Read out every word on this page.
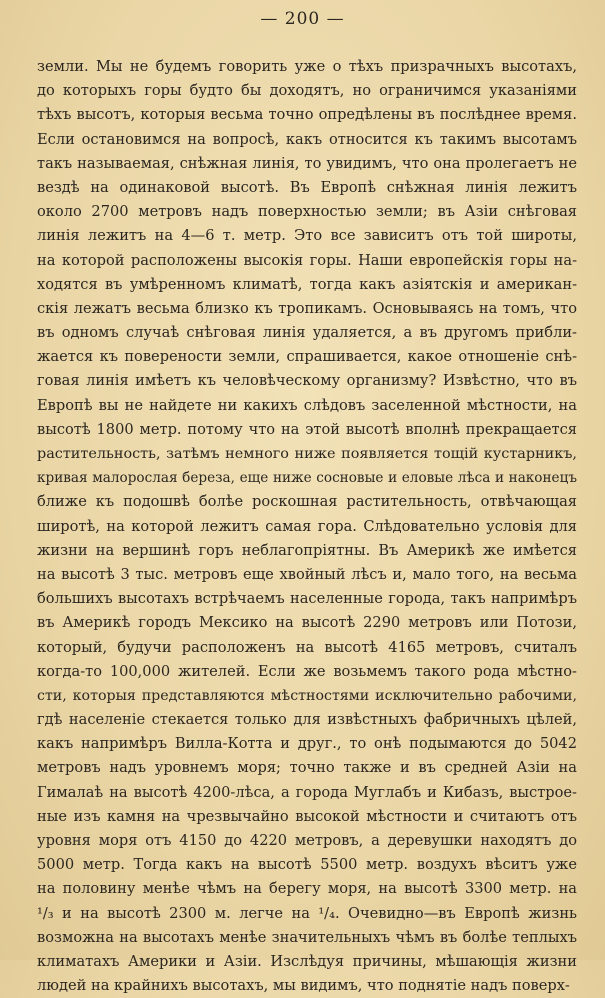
— 200 —
земли. Мы не будемъ говорить уже о тѣхъ призрачныхъ высотахъ,
до которыхъ горы будто бы доходятъ, но ограничимся указаніями
тѣхъ высотъ, которыя весьма точно опредѣлены въ послѣднее время.
Если остановимся на вопросѣ, какъ относится къ такимъ высотамъ
такъ называемая, снѣжная линія, то увидимъ, что она пролегаетъ не
вездѣ на одинаковой высотѣ. Въ Европѣ снѣжная линія лежитъ
около 2700 метровъ надъ поверхностью земли; въ Азіи снѣговая
линія лежитъ на 4—6 т. метр. Это все зависитъ отъ той широты,
на которой расположены высокія горы. Наши европейскія горы на-
ходятся въ умѣренномъ климатѣ, тогда какъ азіятскія и американ-
скія лежатъ весьма близко къ тропикамъ. Основываясь на томъ, что
въ одномъ случаѣ снѣговая линія удаляется, а въ другомъ прибли-
жается къ поверености земли, спрашивается, какое отношеніе снѣ-
говая линія имѣетъ къ человѣческому организму? Извѣстно, что въ
Европѣ вы не найдете ни какихъ слѣдовъ заселенной мѣстности, на
высотѣ 1800 метр. потому что на этой высотѣ вполнѣ прекращается
растительность, затѣмъ немного ниже появляется тощій кустарникъ,
кривая малорослая береза, еще ниже сосновые и еловые лѣса и наконецъ
ближе къ подошвѣ болѣе роскошная растительность, отвѣчающая
широтѣ, на которой лежитъ самая гора. Слѣдовательно условія для
жизни на вершинѣ горъ неблагопріятны. Въ Америкѣ же имѣется
на высотѣ 3 тыс. метровъ еще хвойный лѣсъ и, мало того, на весьма
большихъ высотахъ встрѣчаемъ населенные города, такъ напримѣръ
въ Америкѣ городъ Мексико на высотѣ 2290 метровъ или Потози,
который, будучи расположенъ на высотѣ 4165 метровъ, считалъ
когда-то 100,000 жителей. Если же возьмемъ такого рода мѣстно-
сти, которыя представляются мѣстностями исключительно рабочими,
гдѣ населеніе стекается только для извѣстныхъ фабричныхъ цѣлей,
какъ напримѣръ Вилла-Котта и друг., то онѣ подымаются до 5042
метровъ надъ уровнемъ моря; точно также и въ средней Азіи на
Гималаѣ на высотѣ 4200-лѣса, а города Муглабъ и Кибазъ, выстрое-
ные изъ камня на чрезвычайно высокой мѣстности и считаютъ отъ
уровня моря отъ 4150 до 4220 метровъ, а деревушки находятъ до
5000 метр. Тогда какъ на высотѣ 5500 метр. воздухъ вѣситъ уже
на половину менѣе чѣмъ на берегу моря, на высотѣ 3300 метр. на
¹/₃ и на высотѣ 2300 м. легче на ¹/₄. Очевидно—въ Европѣ жизнь
возможна на высотахъ менѣе значительныхъ чѣмъ въ болѣе теплыхъ
климатахъ Америки и Азіи. Изслѣдуя причины, мѣшающія жизни
людей на крайнихъ высотахъ, мы видимъ, что поднятіе надъ поверх-
